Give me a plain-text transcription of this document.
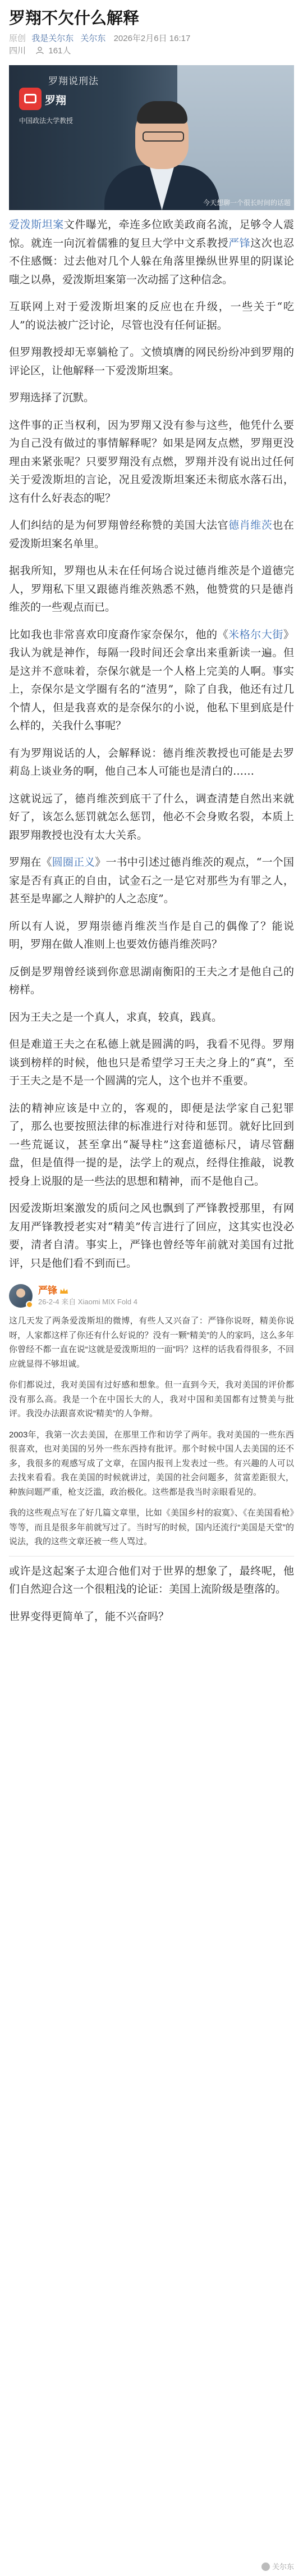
罗翔不欠什么解释
原创 我是关尔东 关尔东 2026年2月6日 16:17
四川	161人
罗翔说刑法
罗翔
中国政法大学教授
今天想聊一个很长时间的话题

爱泼斯坦案文件曝光，牵连多位欧美政商名流，足够令人震惊。就连一向沉着儒雅的复旦大学中文系教授严锋这次也忍不住感慨：过去他对几个人躲在角落里操纵世界里的阴谋论嗤之以鼻，爱泼斯坦案第一次动摇了这种信念。

互联网上对于爱泼斯坦案的反应也在升级，一些关于“吃人”的说法被广泛讨论，尽管也没有任何证据。

但罗翔教授却无辜躺枪了。文愤填膺的网民纷纷冲到罗翔的评论区，让他解释一下爱泼斯坦案。

罗翔选择了沉默。

这件事的正当权利，因为罗翔又没有参与这些，他凭什么要为自己没有做过的事情解释呢？如果是网友点燃，罗翔更没理由来紧张呢？只要罗翔没有点燃，罗翔并没有说出过任何关于爱泼斯坦的言论，况且爱泼斯坦案还未彻底水落石出，这有什么好表态的呢？

人们纠结的是为何罗翔曾经称赞的美国大法官德肖维茨也在爱泼斯坦案名单里。

据我所知，罗翔也从未在任何场合说过德肖维茨是个道德完人，罗翔私下里又跟德肖维茨熟悉不熟，他赞赏的只是德肖维茨的一些观点而已。

比如我也非常喜欢印度裔作家奈保尔，他的《米格尔大街》我认为就是神作，每隔一段时间还会拿出来重新读一遍。但是这并不意味着，奈保尔就是一个人格上完美的人啊。事实上，奈保尔是文学圈有名的“渣男”，除了自我，他还有过几个情人，但是我喜欢的是奈保尔的小说，他私下里到底是什么样的，关我什么事呢？

有为罗翔说话的人，会解释说：德肖维茨教授也可能是去罗莉岛上谈业务的啊，他自己本人可能也是清白的……

这就说远了，德肖维茨到底干了什么，调查清楚自然出来就好了，该怎么惩罚就怎么惩罚，他必不会身败名裂，本质上跟罗翔教授也没有太大关系。

罗翔在《圆圈正义》一书中引述过德肖维茨的观点，“一个国家是否有真正的自由，试金石之一是它对那些为有罪之人，甚至是卑鄙之人辩护的人之态度”。

所以有人说，罗翔崇德肖维茨当作是自己的偶像了？能说明，罗翔在做人准则上也要效仿德肖维茨吗？

反倒是罗翔曾经谈到你意思湖南衡阳的王夫之才是他自己的榜样。

因为王夫之是一个真人，求真，较真，践真。

但是难道王夫之在私德上就是圆满的吗，我看不见得。罗翔谈到榜样的时候，他也只是希望学习王夫之身上的“真”，至于王夫之是不是一个圆满的完人，这个也并不重要。

法的精神应该是中立的，客观的，即便是法学家自己犯罪了，那么也要按照法律的标准进行对待和惩罚。就好比回到一些荒诞议，甚至拿出“凝导柱”这套道德标尺，请尽管翻盘，但是值得一提的是，法学上的观点，经得住推敲，说教授身上说服的是一些法的思想和精神，而不是他自己。

因爱泼斯坦案激发的质问之风也飘到了严锋教授那里，有网友用严锋教授老实对“精美”传言进行了回应，这其实也没必要，清者自清。事实上，严锋也曾经等年前就对美国有过批评，只是他们看不到而已。

严锋
26-2-4 来自 Xiaomi MIX Fold 4

这几天发了两条爱泼斯坦的微博，有些人又兴奋了：严锋你说呀，精美你说呀，人家都这样了你还有什么好说的？没有一颗“精美”的人的家吗，这么多年你曾经不都一直在说“这就是爱泼斯坦的一面”吗？这样的话我看得很多，不回应就显得不够坦诚。

你们都说过，我对美国有过好感和想象。但一直到今天，我对美国的评价都没有那么高。我是一个在中国长大的人，我对中国和美国都有过赞美与批评。我没办法跟喜欢说“精美”的人争辩。

2003年，我第一次去美国，在那里工作和访学了两年。我对美国的一些东西很喜欢，也对美国的另外一些东西持有批评。那个时候中国人去美国的还不多，我很多的观感写成了文章，在国内报刊上发表过一些。有兴趣的人可以去找来看看。我在美国的时候就讲过，美国的社会问题多，贫富差距很大，种族问题严重，枪支泛滥，政治极化。这些都是我当时亲眼看见的。

我的这些观点写在了好几篇文章里，比如《美国乡村的寂寞》、《在美国看枪》等等，而且是很多年前就写过了。当时写的时候，国内还流行“美国是天堂”的说法，我的这些文章还被一些人骂过。

或许是这起案子太迎合他们对于世界的想象了，最终呢，他们自然迎合这一个很粗浅的论证：美国上流阶级是堕落的。

世界变得更简单了，能不兴奋吗？

关尔东
